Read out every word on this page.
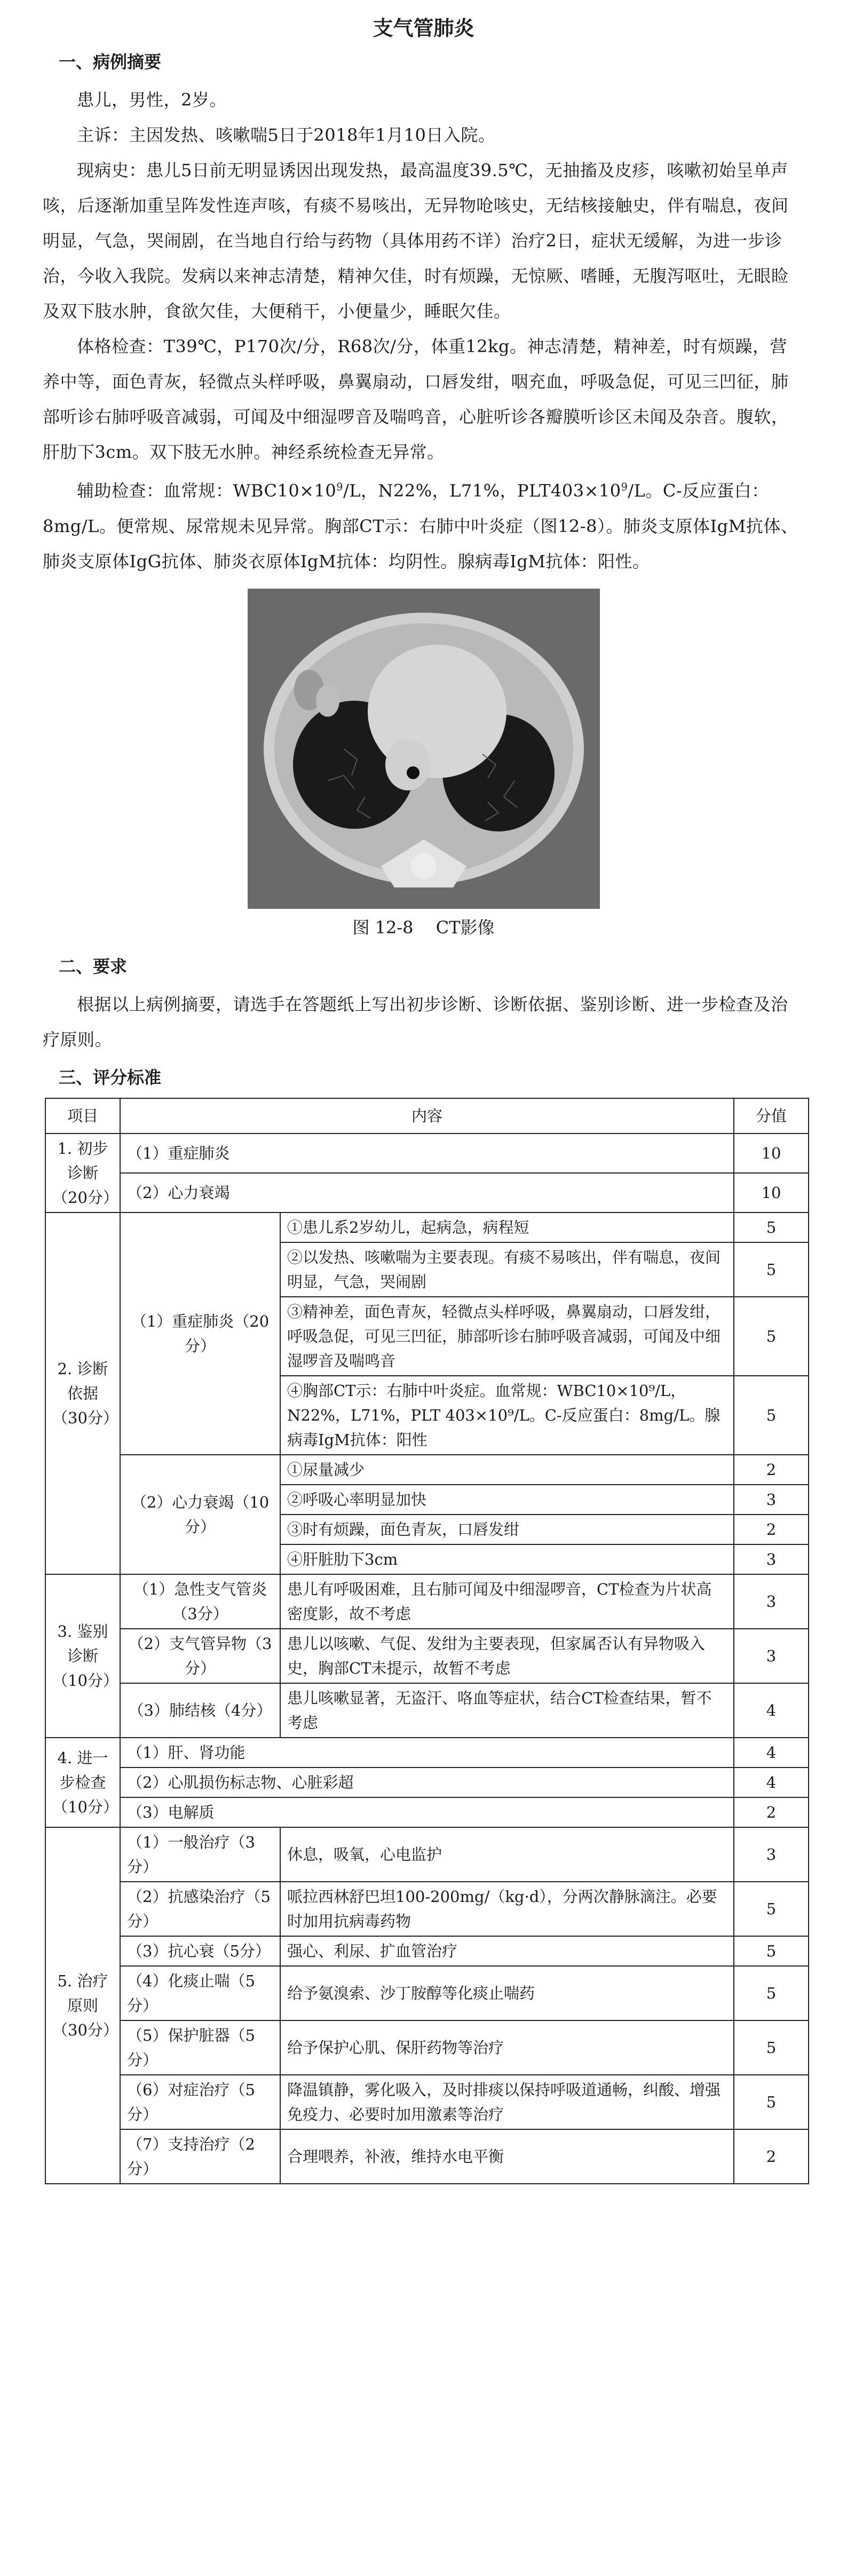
支气管肺炎
一、病例摘要

患儿，男性，2岁。

主诉：主因发热、咳嗽喘5日于2018年1月10日入院。

现病史：患儿5日前无明显诱因出现发热，最高温度39.5℃，无抽搐及皮疹，咳嗽初始呈单声咳，后逐渐加重呈阵发性连声咳，有痰不易咳出，无异物呛咳史，无结核接触史，伴有喘息，夜间明显，气急，哭闹剧，在当地自行给与药物（具体用药不详）治疗2日，症状无缓解，为进一步诊治，今收入我院。发病以来神志清楚，精神欠佳，时有烦躁，无惊厥、嗜睡，无腹泻呕吐，无眼睑及双下肢水肿，食欲欠佳，大便稍干，小便量少，睡眠欠佳。

体格检查：T39℃，P170次/分，R68次/分，体重12kg。神志清楚，精神差，时有烦躁，营养中等，面色青灰，轻微点头样呼吸，鼻翼扇动，口唇发绀，咽充血，呼吸急促，可见三凹征，肺部听诊右肺呼吸音减弱，可闻及中细湿啰音及喘鸣音，心脏听诊各瓣膜听诊区未闻及杂音。腹软，肝肋下3cm。双下肢无水肿。神经系统检查无异常。

辅助检查：血常规：$WBC10\times 10^9/L$，N22%，L71%，$PLT403\times 10^9/L$。C-反应蛋白：8mg/L。便常规、尿常规未见异常。胸部CT示：右肺中叶炎症（图12-8）。肺炎支原体IgM抗体、肺炎支原体IgG抗体、肺炎衣原体IgM抗体：均阴性。腺病毒IgM抗体：阳性。

图 12-8　 CT影像
二、要求

根据以上病例摘要，请选手在答题纸上写出初步诊断、诊断依据、鉴别诊断、进一步检查及治疗原则。

三、评分标准
项目	内容		分值
1. 初步诊断（20分）	（1）重症肺炎		10
	（2）心力衰竭		10
2. 诊断依据（30分）	（1）重症肺炎（20分）	①患儿系2岁幼儿，起病急，病程短	5
		②以发热、咳嗽喘为主要表现。有痰不易咳出，伴有喘息，夜间明显，气急，哭闹剧	5
		③精神差，面色青灰，轻微点头样呼吸，鼻翼扇动，口唇发绀，呼吸急促，可见三凹征，肺部听诊右肺呼吸音减弱，可闻及中细湿啰音及喘鸣音	5
		④胸部CT示：右肺中叶炎症。血常规：WBC10×10⁹/L，N22%，L71%，PLT 403×10⁹/L。C-反应蛋白：8mg/L。腺病毒IgM抗体：阳性	5
	（2）心力衰竭（10分）	①尿量减少	2
		②呼吸心率明显加快	3
		③时有烦躁，面色青灰，口唇发绀	2
		④肝脏肋下3cm	3
3. 鉴别诊断（10分）	（1）急性支气管炎（3分）	患儿有呼吸困难，且右肺可闻及中细湿啰音，CT检查为片状高密度影，故不考虑	3
	（2）支气管异物（3分）	患儿以咳嗽、气促、发绀为主要表现，但家属否认有异物吸入史，胸部CT未提示，故暂不考虑	3
	（3）肺结核（4分）	患儿咳嗽显著，无盗汗、咯血等症状，结合CT检查结果，暂不考虑	4
4. 进一步检查（10分）	（1）肝、肾功能		4
	（2）心肌损伤标志物、心脏彩超		4
	（3）电解质		2
5. 治疗原则（30分）	（1）一般治疗（3分）	休息，吸氧，心电监护	3
	（2）抗感染治疗（5分）	哌拉西林舒巴坦100-200mg/（kg·d），分两次静脉滴注。必要时加用抗病毒药物	5
	（3）抗心衰（5分）	强心、利尿、扩血管治疗	5
	（4）化痰止喘（5分）	给予氨溴索、沙丁胺醇等化痰止喘药	5
	（5）保护脏器（5分）	给予保护心肌、保肝药物等治疗	5
	（6）对症治疗（5分）	降温镇静，雾化吸入，及时排痰以保持呼吸道通畅，纠酸、增强免疫力、必要时加用激素等治疗	5
	（7）支持治疗（2分）	合理喂养，补液，维持水电平衡	2
